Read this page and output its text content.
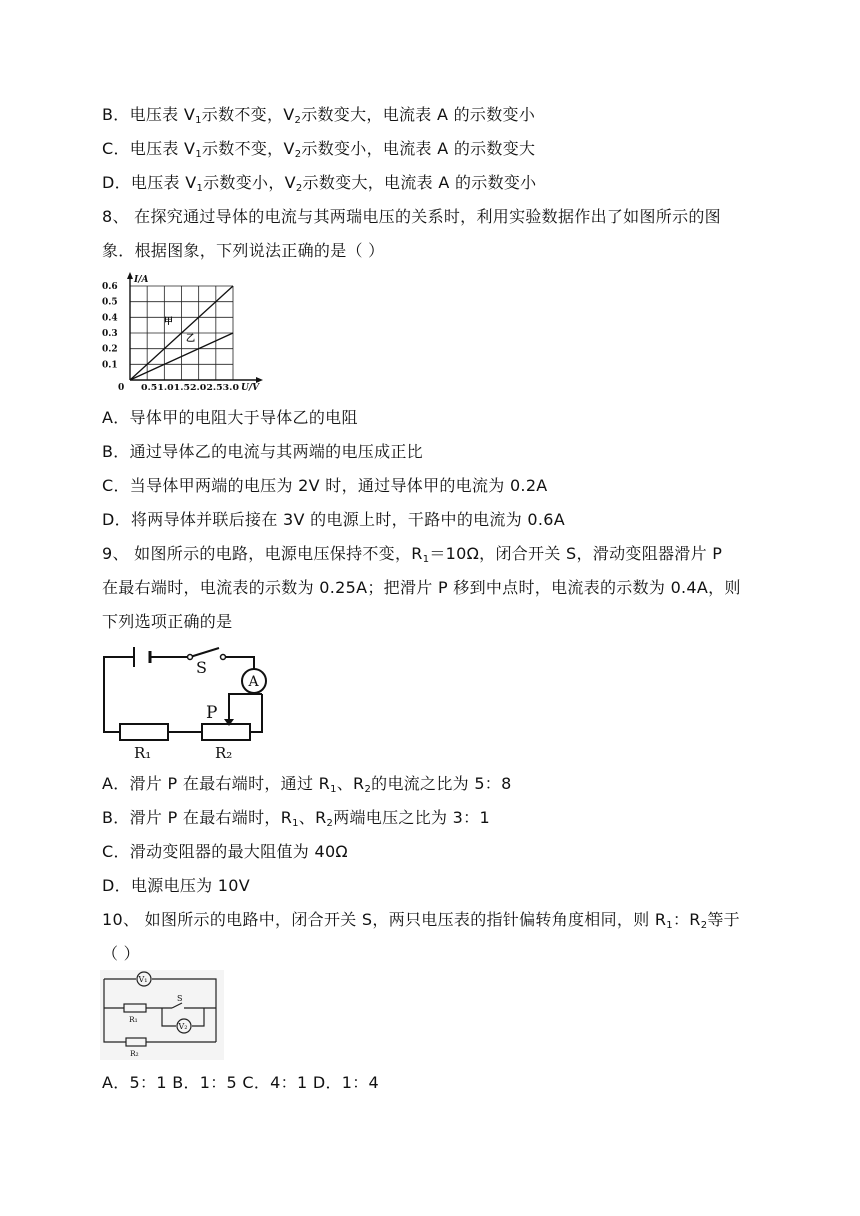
B．电压表 $V_1$示数不变，$V_2$示数变大，电流表 A 的示数变小
C．电压表 $V_1$示数不变，$V_2$示数变小，电流表 A 的示数变大
D．电压表 $V_1$示数变小，$V_2$示数变大，电流表 A 的示数变小
8、 在探究通过导体的电流与其两瑞电压的关系时，利用实验数据作出了如图所示的图
象．根据图象，下列说法正确的是（ ）
I/A
0 0.51.01.52.02.53.0 U/V
甲
乙
0.6
0.5
0.4
0.3
0.2
0.1
A．导体甲的电阻大于导体乙的电阻
B．通过导体乙的电流与其两端的电压成正比
C．当导体甲两端的电压为 2V 时，通过导体甲的电流为 0.2A
D．将两导体并联后接在 3V 的电源上时，干路中的电流为 0.6A
9、 如图所示的电路，电源电压保持不变，$R_1=10\Omega$，闭合开关 S，滑动变阻器滑片 P
在最右端时，电流表的示数为 0.25A；把滑片 P 移到中点时，电流表的示数为 0.4A，则
下列选项正确的是
A
S
P
R₁	R₂
A．滑片 P 在最右端时，通过 $R_1$、$R_2$的电流之比为 5：8
B．滑片 P 在最右端时，$R_1$、$R_2$两端电压之比为 3：1
C．滑动变阻器的最大阻值为 40Ω
D．电源电压为 10V
10、 如图所示的电路中，闭合开关 S，两只电压表的指针偏转角度相同，则 $R_1$：$R_2$等于
（ ）
V₁
V₂
S
R₁
R₂
A．5：1 B．1：5 C．4：1 D．1：4
